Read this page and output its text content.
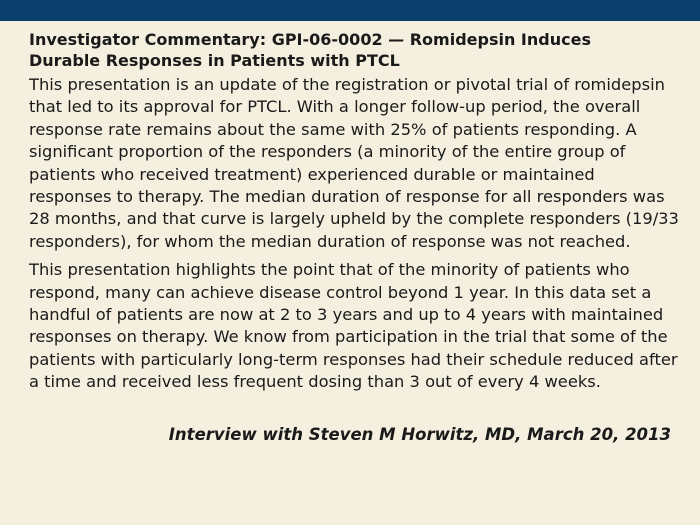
Investigator Commentary: GPI-06-0002 — Romidepsin Induces
Durable Responses in Patients with PTCL

This presentation is an update of the registration or pivotal trial of romidepsin that led to its approval for PTCL. With a longer follow-up period, the overall response rate remains about the same with 25% of patients responding. A significant proportion of the responders (a minority of the entire group of patients who received treatment) experienced durable or maintained responses to therapy. The median duration of response for all responders was 28 months, and that curve is largely upheld by the complete responders (19/33 responders), for whom the median duration of response was not reached.

This presentation highlights the point that of the minority of patients who respond, many can achieve disease control beyond 1 year. In this data set a handful of patients are now at 2 to 3 years and up to 4 years with maintained responses on therapy. We know from participation in the trial that some of the patients with particularly long-term responses had their schedule reduced after a time and received less frequent dosing than 3 out of every 4 weeks.

Interview with Steven M Horwitz, MD, March 20, 2013
